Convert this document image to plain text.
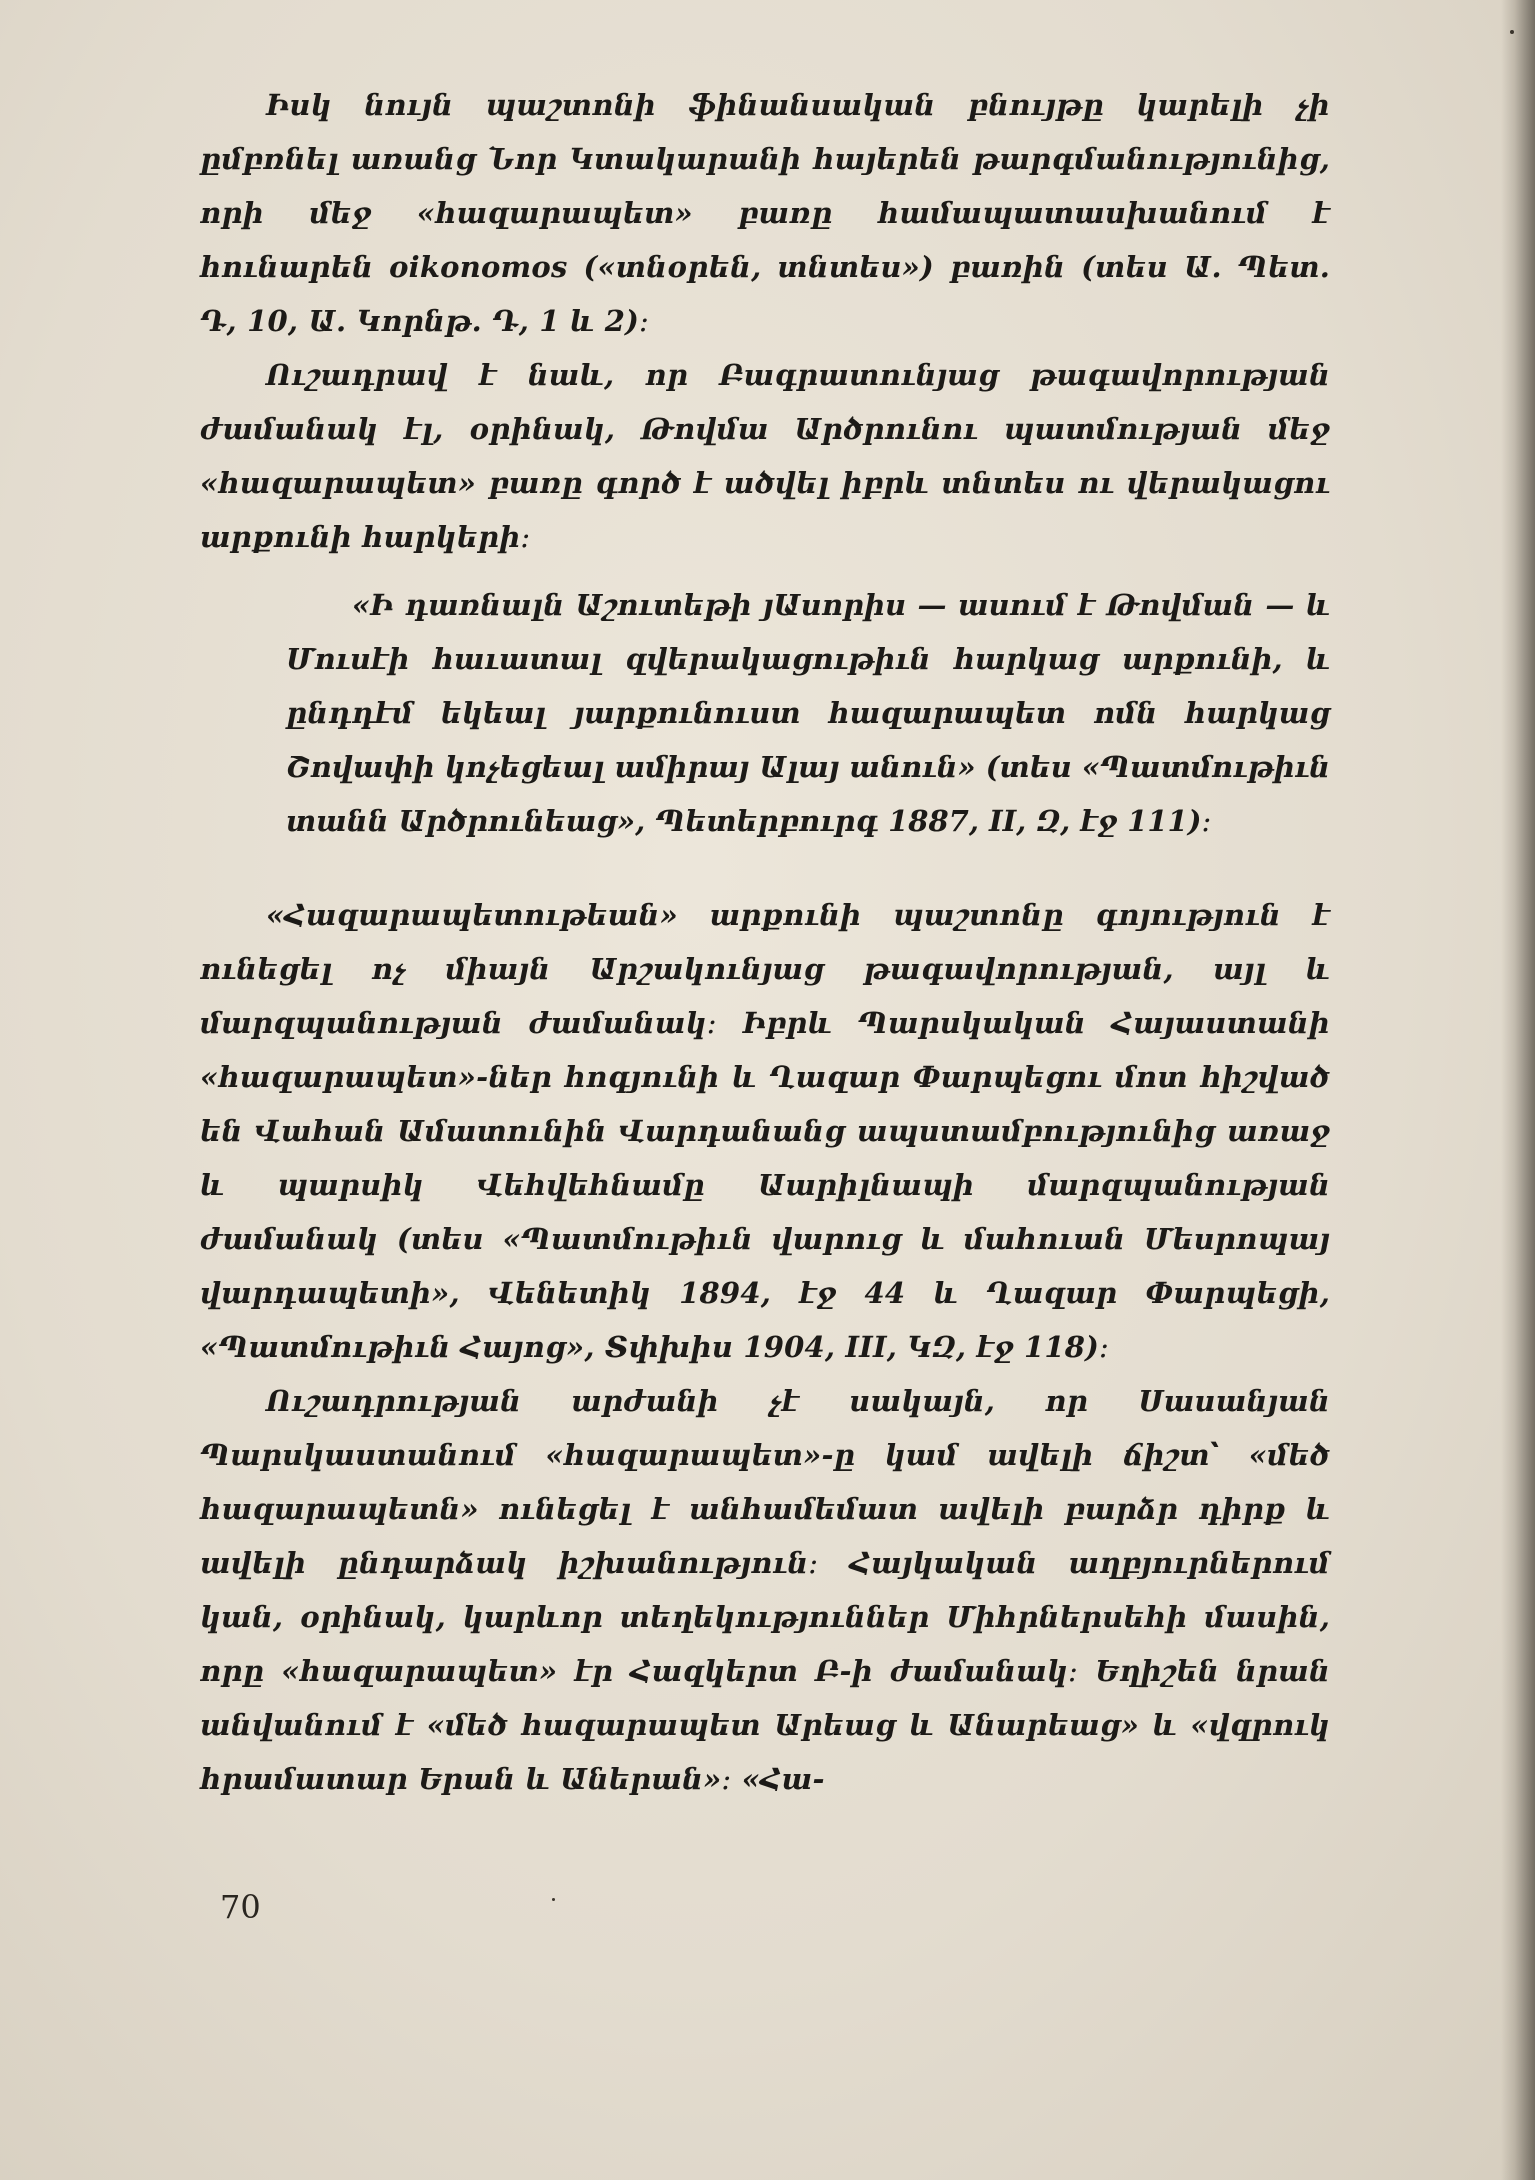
Իսկ նույն պաշտոնի ֆինանսական բնույթը կարելի չի ըմբռնել առանց Նոր Կտակարանի հայերեն թարգմանությունից, որի մեջ «հազարապետ» բառը համապատասխանում է հունարեն oikonomos («տնօրեն, տնտես») բառին (տես Ա. Պետ. Դ, 10, Ա. Կորնթ. Դ, 1 և 2)։

Ուշադրավ է նաև, որ Բագրատունյաց թագավորության ժամանակ էլ, օրինակ, Թովմա Արծրունու պատմության մեջ «հազարապետ» բառը գործ է ածվել իբրև տնտես ու վերակացու արքունի հարկերի։

«Ի դառնալն Աշուտեթի յԱսորիս — ասում է Թովման — և Մուսէի հաւատալ զվերակացութիւն հարկաց արքունի, և ընդդէմ եկեալ յարքունուստ հազարապետ ոմն հարկաց Շովափի կոչեցեալ ամիրայ Ալայ անուն» (տես «Պատմութիւն տանն Արծրունեաց», Պետերբուրգ 1887, II, Զ, էջ 111)։

«Հազարապետութեան» արքունի պաշտոնը գոյություն է ունեցել ոչ միայն Արշակունյաց թագավորության, այլ և մարզպանության ժամանակ։ Իբրև Պարսկական Հայաստանի «հազարապետ»-ներ հոգյունի և Ղազար Փարպեցու մոտ հիշված են Վահան Ամատունին Վարդանանց ապստամբությունից առաջ և պարսիկ Վեհվեհնամը Աարիլնապի մարզպանության ժամանակ (տես «Պատմութիւն վարուց և մահուան Մեսրոպայ վարդապետի», Վենետիկ 1894, էջ 44 և Ղազար Փարպեցի, «Պատմութիւն Հայոց», Տփխիս 1904, III, ԿԶ, էջ 118)։

Ուշադրության արժանի չէ սակայն, որ Սասանյան Պարսկաստանում «հազարապետ»-ը կամ ավելի ճիշտ՝ «մեծ հազարապետն» ունեցել է անհամեմատ ավելի բարձր դիրք և ավելի ընդարձակ իշխանություն։ Հայկական աղբյուրներում կան, օրինակ, կարևոր տեղեկություններ Միհրներսեհի մասին, որը «հազարապետ» էր Հազկերտ Բ-ի ժամանակ։ Եղիշեն նրան անվանում է «մեծ հազարապետ Արեաց և Անարեաց» և «վզրուկ հրամատար Երան և Աներան»։ «Հա-

70
